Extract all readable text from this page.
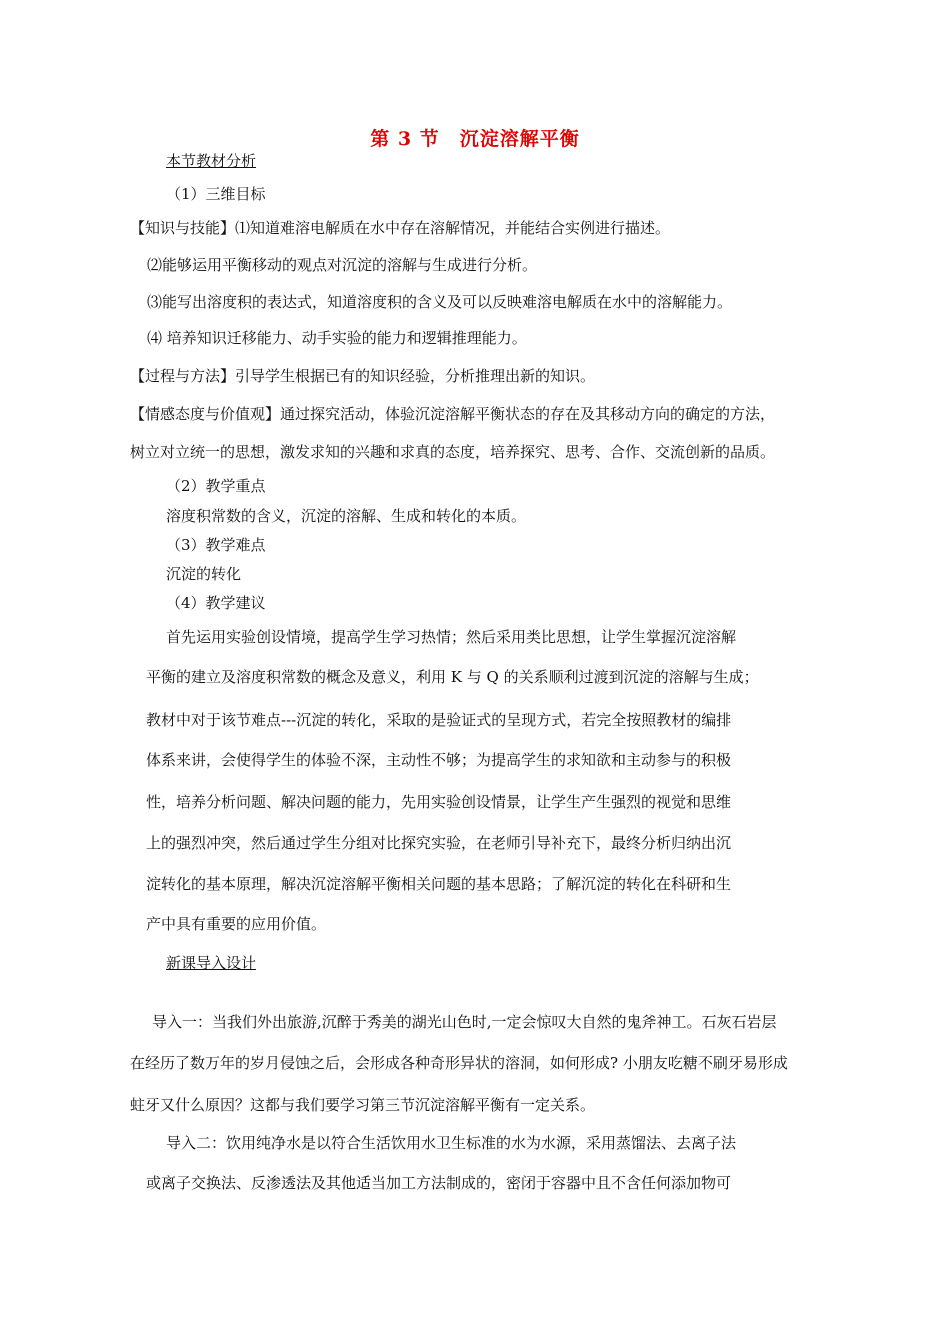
第 3 节　沉淀溶解平衡
本节教材分析
（1）三维目标
【知识与技能】⑴知道难溶电解质在水中存在溶解情况，并能结合实例进行描述。
⑵能够运用平衡移动的观点对沉淀的溶解与生成进行分析。
⑶能写出溶度积的表达式，知道溶度积的含义及可以反映难溶电解质在水中的溶解能力。
⑷ 培养知识迁移能力、动手实验的能力和逻辑推理能力。
【过程与方法】引导学生根据已有的知识经验，分析推理出新的知识。
【情感态度与价值观】通过探究活动，体验沉淀溶解平衡状态的存在及其移动方向的确定的方法，
树立对立统一的思想，激发求知的兴趣和求真的态度，培养探究、思考、合作、交流创新的品质。
（2）教学重点
溶度积常数的含义，沉淀的溶解、生成和转化的本质。
（3）教学难点
沉淀的转化
（4）教学建议
首先运用实验创设情境，提高学生学习热情；然后采用类比思想，让学生掌握沉淀溶解
平衡的建立及溶度积常数的概念及意义，利用 K 与 Q 的关系顺利过渡到沉淀的溶解与生成；
教材中对于该节难点---沉淀的转化，采取的是验证式的呈现方式，若完全按照教材的编排
体系来讲，会使得学生的体验不深，主动性不够；为提高学生的求知欲和主动参与的积极
性，培养分析问题、解决问题的能力，先用实验创设情景，让学生产生强烈的视觉和思维
上的强烈冲突，然后通过学生分组对比探究实验，在老师引导补充下，最终分析归纳出沉
淀转化的基本原理，解决沉淀溶解平衡相关问题的基本思路；了解沉淀的转化在科研和生
产中具有重要的应用价值。
新课导入设计
导入一：当我们外出旅游,沉醉于秀美的湖光山色时,一定会惊叹大自然的鬼斧神工。石灰石岩层
在经历了数万年的岁月侵蚀之后，会形成各种奇形异状的溶洞，如何形成? 小朋友吃糖不刷牙易形成
蛀牙又什么原因？这都与我们要学习第三节沉淀溶解平衡有一定关系。
导入二：饮用纯净水是以符合生活饮用水卫生标准的水为水源，采用蒸馏法、去离子法
或离子交换法、反渗透法及其他适当加工方法制成的，密闭于容器中且不含任何添加物可
